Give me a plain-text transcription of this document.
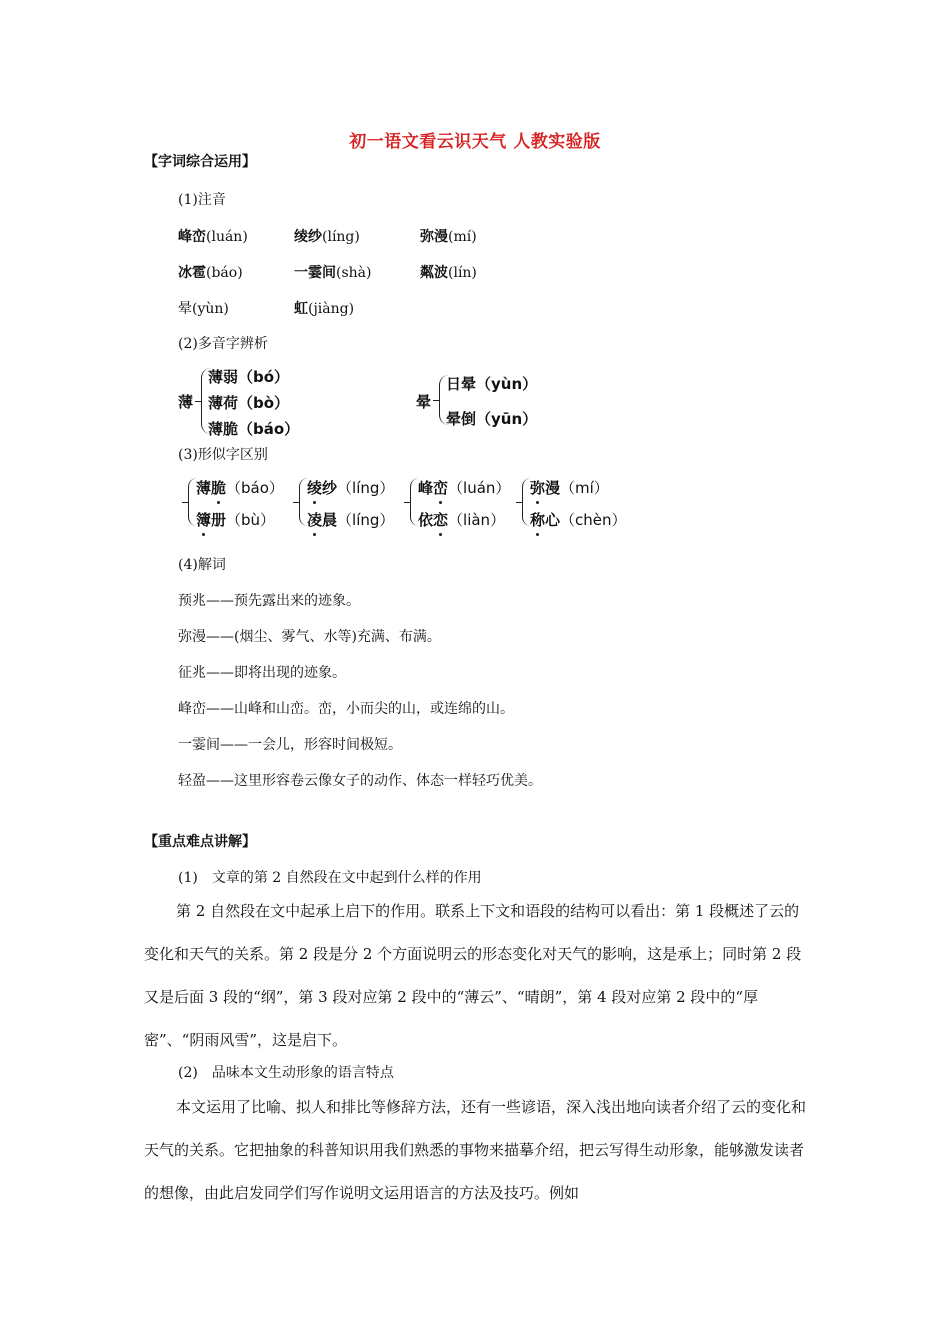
初一语文看云识天气 人教实验版
【字词综合运用】
(1)注音
峰峦(luán)	绫纱(líng)	弥漫(mí)
冰雹(báo)	一霎间(shà)	粼波(lín)
晕(yùn)	虹(jiàng)
(2)多音字辨析
薄
薄弱（bó）
薄荷（bò）
薄脆（báo）
晕
日晕（yùn）
晕倒（yūn）
(3)形似字区别
薄脆（báo）
簿册（bù）
绫纱（líng）
凌晨（líng）
峰峦（luán）
依恋（liàn）
弥漫（mí）
称心（chèn）
(4)解词
预兆——预先露出来的迹象。
弥漫——(烟尘、雾气、水等)充满、布满。
征兆——即将出现的迹象。
峰峦——山峰和山峦。峦，小而尖的山，或连绵的山。
一霎间——一会儿，形容时间极短。
轻盈——这里形容卷云像女子的动作、体态一样轻巧优美。
【重点难点讲解】
(1)　文章的第 2 自然段在文中起到什么样的作用
第 2 自然段在文中起承上启下的作用。联系上下文和语段的结构可以看出：第 1 段概述了云的变化和天气的关系。第 2 段是分 2 个方面说明云的形态变化对天气的影响，这是承上；同时第 2 段又是后面 3 段的“纲”，第 3 段对应第 2 段中的“薄云”、“晴朗”，第 4 段对应第 2 段中的“厚密”、“阴雨风雪”，这是启下。
(2)　品味本文生动形象的语言特点
本文运用了比喻、拟人和排比等修辞方法，还有一些谚语，深入浅出地向读者介绍了云的变化和天气的关系。它把抽象的科普知识用我们熟悉的事物来描摹介绍，把云写得生动形象，能够激发读者的想像，由此启发同学们写作说明文运用语言的方法及技巧。例如
